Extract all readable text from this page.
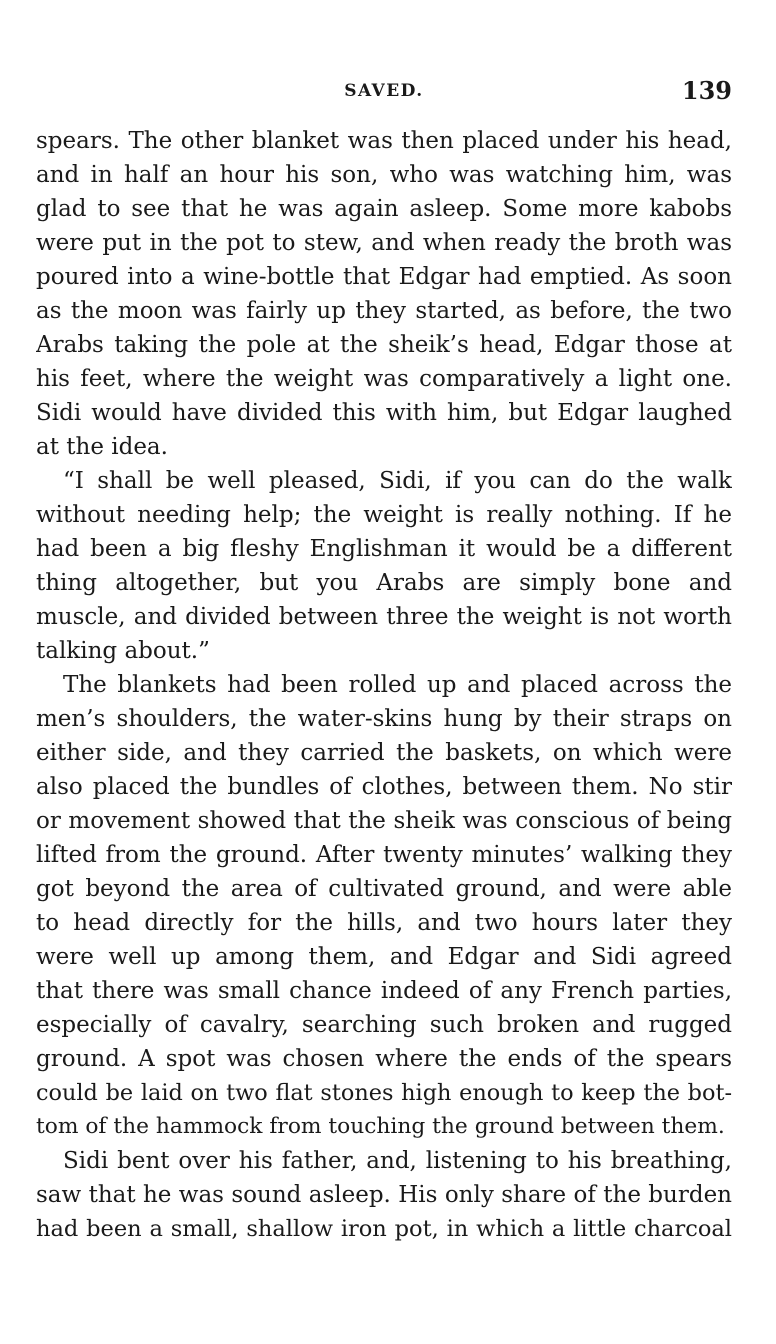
SAVED.	139
spears. The other blanket was then placed under his head,
and in half an hour his son, who was watching him, was
glad to see that he was again asleep. Some more kabobs
were put in the pot to stew, and when ready the broth was
poured into a wine-bottle that Edgar had emptied. As soon
as the moon was fairly up they started, as before, the two
Arabs taking the pole at the sheik’s head, Edgar those at
his feet, where the weight was comparatively a light one.
Sidi would have divided this with him, but Edgar laughed
at the idea.
“I shall be well pleased, Sidi, if you can do the walk
without needing help; the weight is really nothing. If he
had been a big fleshy Englishman it would be a different
thing altogether, but you Arabs are simply bone and
muscle, and divided between three the weight is not worth
talking about.”
The blankets had been rolled up and placed across the
men’s shoulders, the water-skins hung by their straps on
either side, and they carried the baskets, on which were
also placed the bundles of clothes, between them. No stir
or movement showed that the sheik was conscious of being
lifted from the ground. After twenty minutes’ walking they
got beyond the area of cultivated ground, and were able
to head directly for the hills, and two hours later they
were well up among them, and Edgar and Sidi agreed
that there was small chance indeed of any French parties,
especially of cavalry, searching such broken and rugged
ground. A spot was chosen where the ends of the spears
could be laid on two flat stones high enough to keep the bot-
tom of the hammock from touching the ground between them.
Sidi bent over his father, and, listening to his breathing,
saw that he was sound asleep. His only share of the burden
had been a small, shallow iron pot, in which a little charcoal
